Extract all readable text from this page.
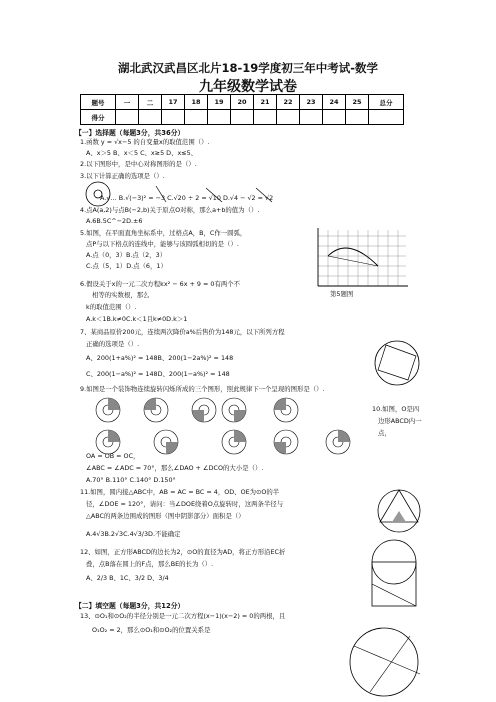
湖北武汉武昌区北片18-19学度初三年中考试-数学
九年级数学试卷
题号	一	二	17	18	19	20	21	22	23	24	25	总分
得分												
【一】选择题（每题3分，共36分）
1.函数 y = √x−5 的自变量x的取值范围（）.
A、x＞5 B、x＜5 C、x≥5 D、x≤5、
2.以下图形中，是中心对称图形的是（）.
3.以下计算正确的选项是（）.
A.√… B.√(−3)² = −3 C.√20 ÷ 2 = √10 D.√4 − √2 = √2
4.点A(a,2)与点B(−2,b)关于原点O对称，那么a+b的值为（）.
A.6B.5C^−2D.±6
5.如图，在平面直角坐标系中，过格点A，B，C作一圆弧，
点P与以下格点的连线中，能够与该圆弧相切的是（）.
A.点（0，3）B.点（2，3）
C.点（5，1）D.点（6，1）
第5题图
6.假设关于x的一元二次方程kx² − 6x + 9 = 0有两个不
相等的实数根，那么
k的取值范围（）.
A.k＜1B.k≠0C.k＜1且k≠0D.k＞1
7、某商品原价200元，连续两次降价a%后售价为148元，以下所列方程
正确的选项是（）.
A、200(1+a%)² = 148B、200(1−2a%)² = 148
C、200(1−a%)² = 148D、200(1−a%)² = 148
9.如图是一个装饰物连续旋转闪烁所成的三个图形，照此规律下一个呈现的图形是（）.
10.如图，O是四
边形ABCD内一
点，
OA = OB = OC，
∠ABC = ∠ADC = 70°，那么∠DAO + ∠DCO的大小是（）.
A.70° B.110° C.140° D.150°
11.如图，圆内接△ABC中，AB = AC = BC = 4，OD、OE为⊙O的半
径，∠DOE = 120°，请问：当∠DOE绕着O点旋转时，这两条半径与
△ABC的两条边围成的图形（图中阴影部分）面积是（）
A.4√3B.2√3C.4√3/3D.不能确定
12、如图，正方形ABCD的边长为2，⊙O的直径为AD，将正方形沿EC折
叠，点B落在圆上的F点，那么BE的长为（）.
A、2/3 B、1C、3/2 D、3/4
【二】填空题（每题3分，共12分）
13、⊙O₁和⊙O₂的半径分别是一元二次方程(x−1)(x−2) = 0的两根，且
O₁O₂ = 2，那么⊙O₁和⊙O₂的位置关系是
